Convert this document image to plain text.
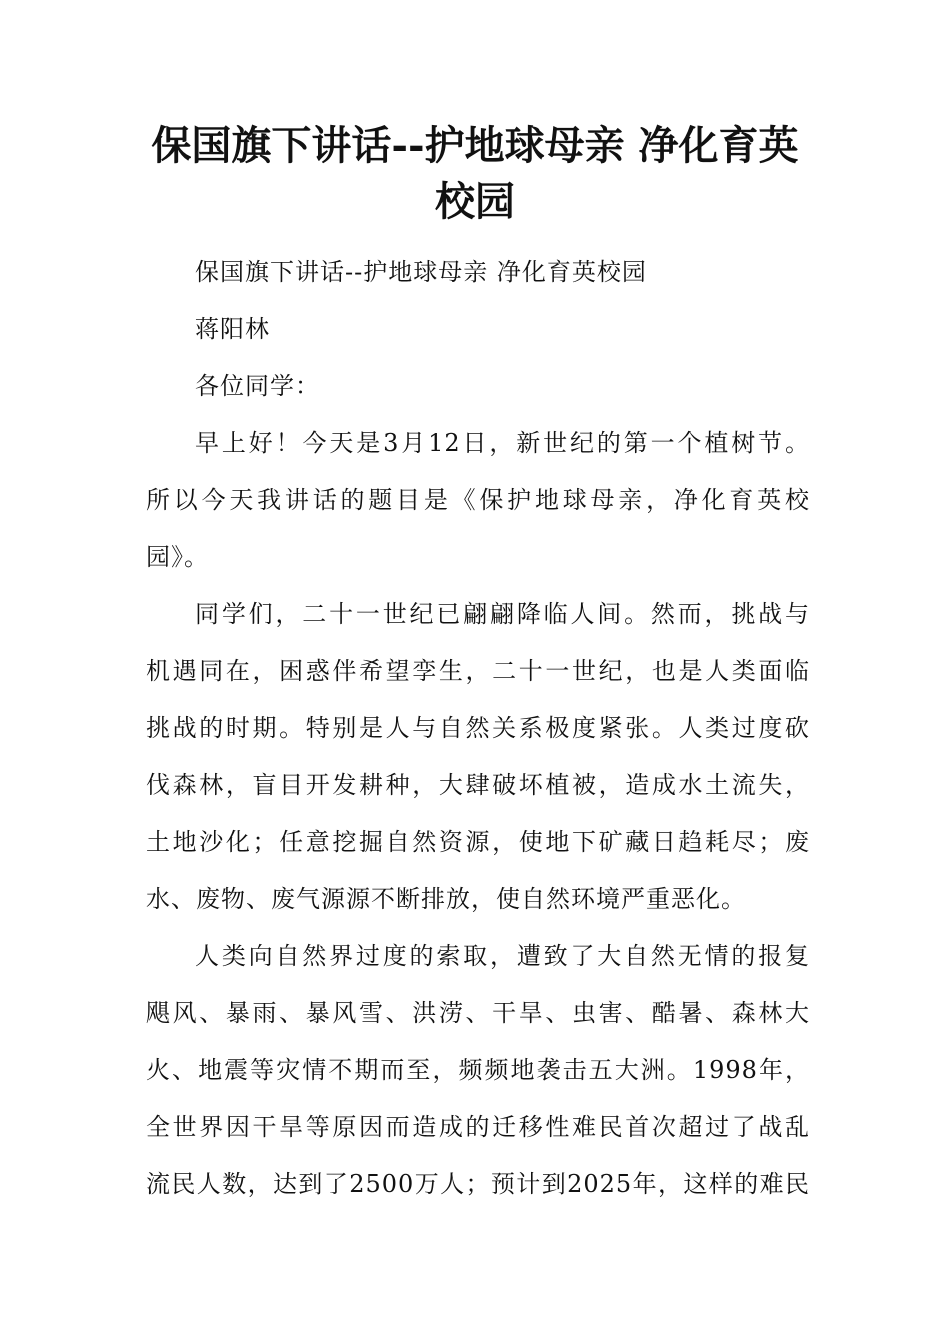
保国旗下讲话--护地球母亲 净化育英
校园
保国旗下讲话--护地球母亲 净化育英校园
蒋阳林
各位同学：
早上好！今天是3月12日，新世纪的第一个植树节。
所以今天我讲话的题目是《保护地球母亲，净化育英校
园》。
同学们，二十一世纪已翩翩降临人间。然而，挑战与
机遇同在，困惑伴希望孪生，二十一世纪，也是人类面临
挑战的时期。特别是人与自然关系极度紧张。人类过度砍
伐森林，盲目开发耕种，大肆破坏植被，造成水土流失，
土地沙化；任意挖掘自然资源，使地下矿藏日趋耗尽；废
水、废物、废气源源不断排放，使自然环境严重恶化。
人类向自然界过度的索取，遭致了大自然无情的报复
飓风、暴雨、暴风雪、洪涝、干旱、虫害、酷暑、森林大
火、地震等灾情不期而至，频频地袭击五大洲。1998年，
全世界因干旱等原因而造成的迁移性难民首次超过了战乱
流民人数，达到了2500万人；预计到2025年，这样的难民
